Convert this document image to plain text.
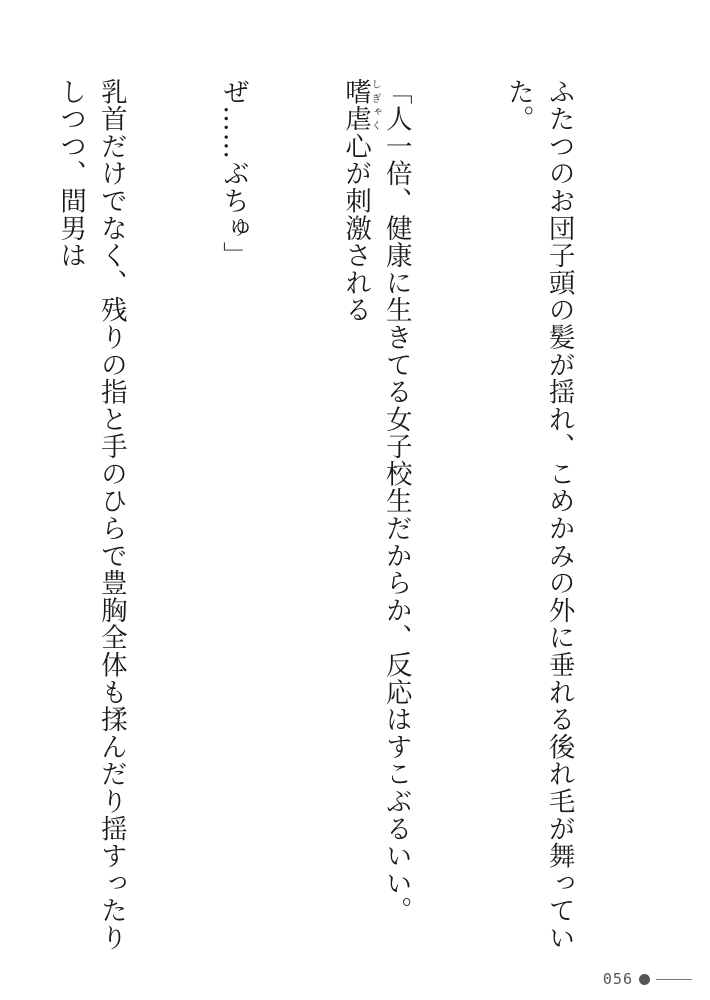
ふたつのお団子頭の髪が揺れ、こめかみの外に垂れる後れ毛が舞っていた。

「人一倍、健康に生きてる女子校生だからか、反応はすこぶるいい。嗜虐しぎゃく心が刺激される

ぜ……ぶちゅ」

乳首だけでなく、残りの指と手のひらで豊胸全体も揉んだり揺すったりしつつ、間男は

056
